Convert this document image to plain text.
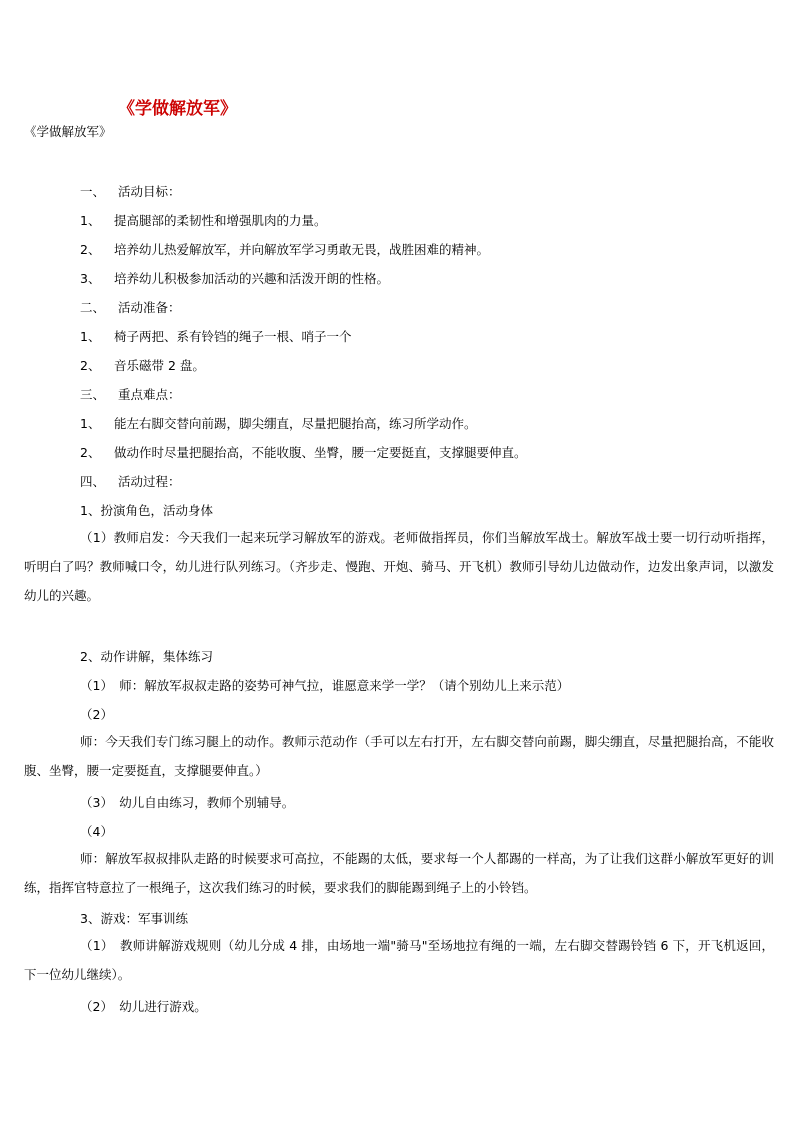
《学做解放军》
《学做解放军》
一、 活动目标：
1、 提高腿部的柔韧性和增强肌肉的力量。
2、 培养幼儿热爱解放军，并向解放军学习勇敢无畏，战胜困难的精神。
3、 培养幼儿积极参加活动的兴趣和活泼开朗的性格。
二、 活动准备：
1、 椅子两把、系有铃铛的绳子一根、哨子一个
2、 音乐磁带 2 盘。
三、 重点难点：
1、 能左右脚交替向前踢，脚尖绷直，尽量把腿抬高，练习所学动作。
2、 做动作时尽量把腿抬高，不能收腹、坐臀，腰一定要挺直，支撑腿要伸直。
四、 活动过程：
1、扮演角色，活动身体
（1）教师启发：今天我们一起来玩学习解放军的游戏。老师做指挥员，你们当解放军战士。解放军战士要一切行动听指挥，听明白了吗？教师喊口令，幼儿进行队列练习。（齐步走、慢跑、开炮、骑马、开飞机）教师引导幼儿边做动作，边发出象声词，以激发幼儿的兴趣。
2、动作讲解，集体练习
（1）　师：解放军叔叔走路的姿势可神气拉，谁愿意来学一学？（请个别幼儿上来示范）
（2）
师：今天我们专门练习腿上的动作。教师示范动作（手可以左右打开，左右脚交替向前踢，脚尖绷直，尽量把腿抬高，不能收腹、坐臀，腰一定要挺直，支撑腿要伸直。）
（3）　幼儿自由练习，教师个别辅导。
（4）
师：解放军叔叔排队走路的时候要求可高拉，不能踢的太低，要求每一个人都踢的一样高，为了让我们这群小解放军更好的训练，指挥官特意拉了一根绳子，这次我们练习的时候，要求我们的脚能踢到绳子上的小铃铛。
3、游戏：军事训练
（1）　教师讲解游戏规则（幼儿分成 4 排，由场地一端"骑马"至场地拉有绳的一端，左右脚交替踢铃铛 6 下，开飞机返回，下一位幼儿继续）。
（2）　幼儿进行游戏。
